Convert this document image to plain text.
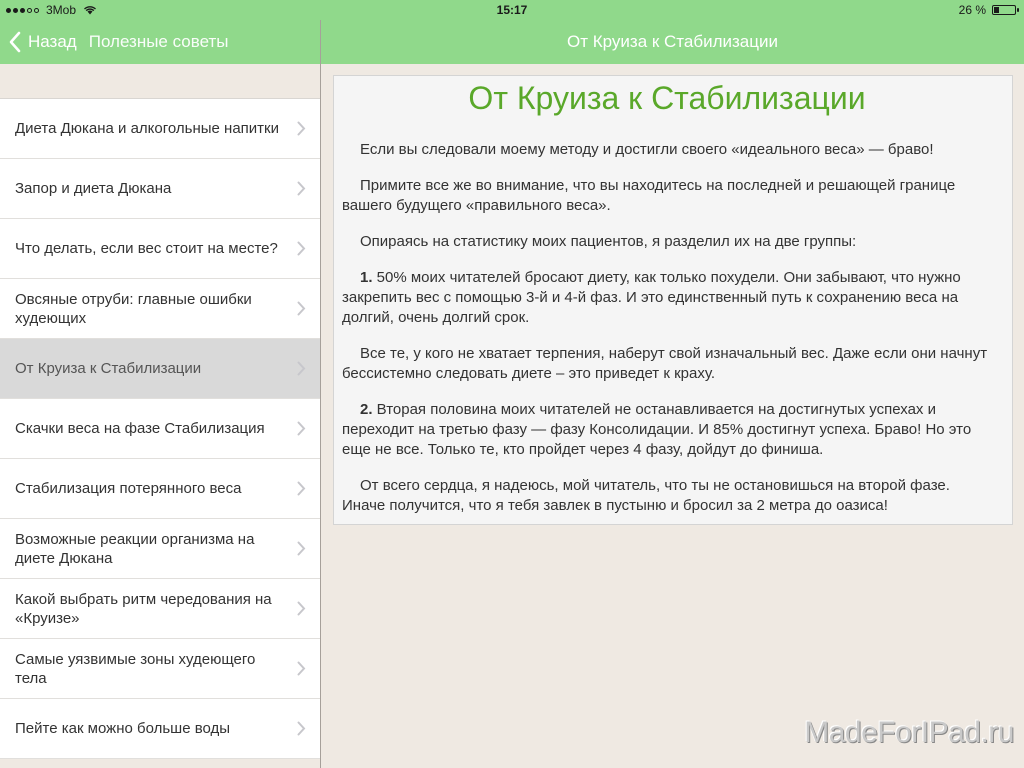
3Mob	15:17	26 %
Назад Полезные советы	От Круиза к Стабилизации
Диета Дюкана и алкогольные напитки
Запор и диета Дюкана
Что делать, если вес стоит на месте?
Овсяные отруби: главные ошибки худеющих
От Круиза к Стабилизации
Скачки веса на фазе Стабилизация
Стабилизация потерянного веса
Возможные реакции организма на диете Дюкана
Какой выбрать ритм чередования на «Круизе»
Самые уязвимые зоны худеющего тела
Пейте как можно больше воды
От Круиза к Стабилизации

Если вы следовали моему методу и достигли своего «идеального веса» — браво!

Примите все же во внимание, что вы находитесь на последней и решающей границе вашего будущего «правильного веса».

Опираясь на статистику моих пациентов, я разделил их на две группы:

1. 50% моих читателей бросают диету, как только похудели. Они забывают, что нужно закрепить вес с помощью 3-й и 4-й фаз. И это единственный путь к сохранению веса на долгий, очень долгий срок.

Все те, у кого не хватает терпения, наберут свой изначальный вес. Даже если они начнут бессистемно следовать диете – это приведет к краху.

2. Вторая половина моих читателей не останавливается на достигнутых успехах и переходит на третью фазу — фазу Консолидации. И 85% достигнут успеха. Браво! Но это еще не все. Только те, кто пройдет через 4 фазу, дойдут до финиша.

От всего сердца, я надеюсь, мой читатель, что ты не остановишься на второй фазе. Иначе получится, что я тебя завлек в пустыню и бросил за 2 метра до оазиса!

MadeForIPad.ru
